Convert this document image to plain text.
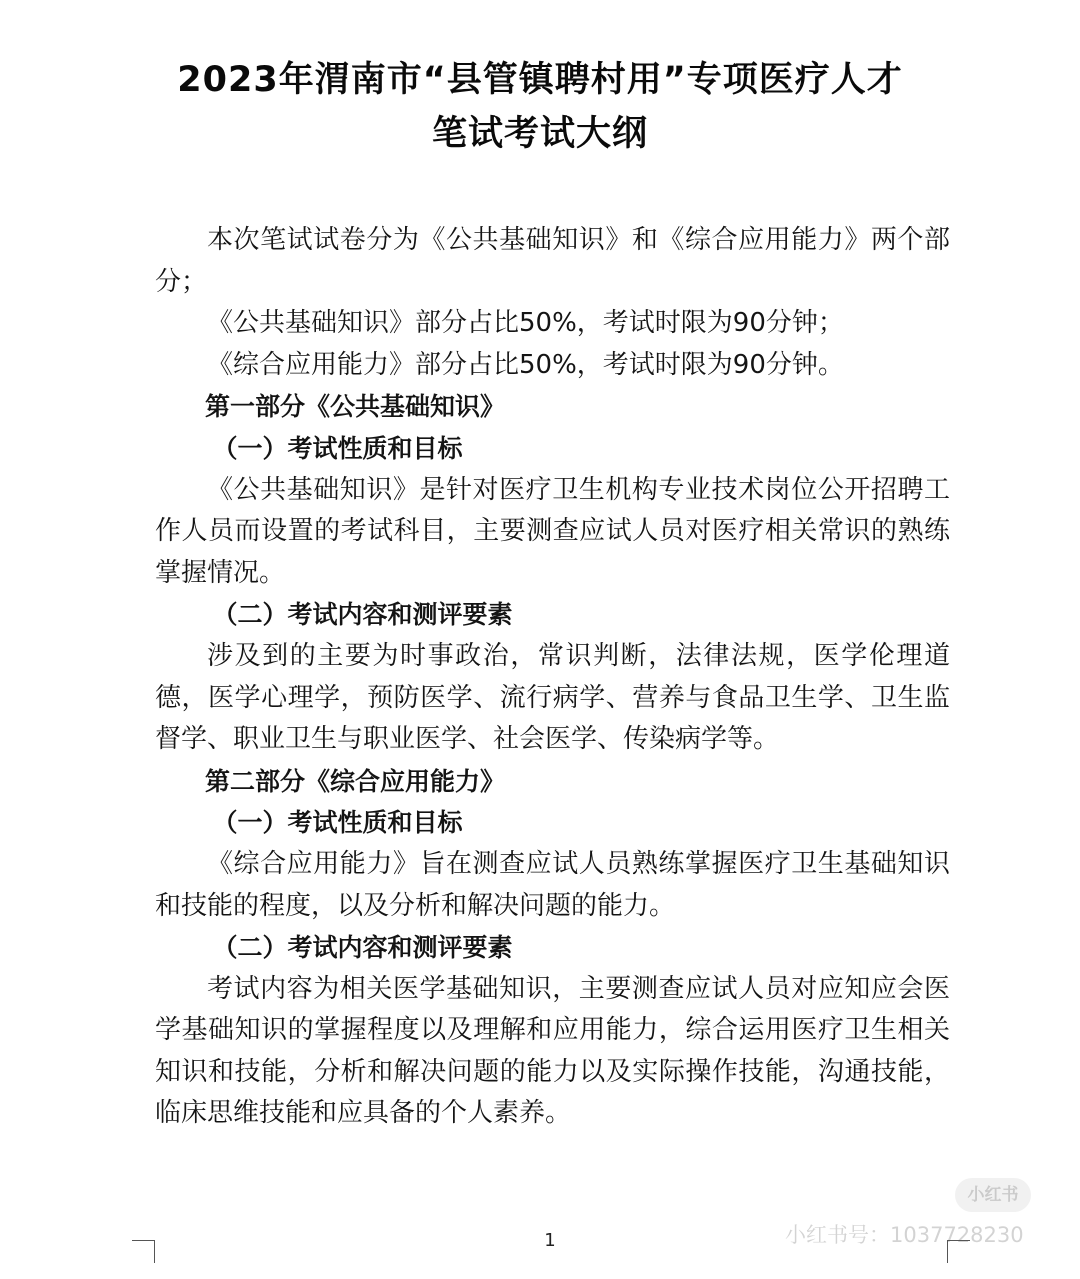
2023年渭南市“县管镇聘村用”专项医疗人才
笔试考试大纲

本次笔试试卷分为《公共基础知识》和《综合应用能力》两个部分；

《公共基础知识》部分占比50%，考试时限为90分钟；

《综合应用能力》部分占比50%，考试时限为90分钟。

第一部分《公共基础知识》

（一）考试性质和目标

《公共基础知识》是针对医疗卫生机构专业技术岗位公开招聘工作人员而设置的考试科目，主要测查应试人员对医疗相关常识的熟练掌握情况。

（二）考试内容和测评要素

涉及到的主要为时事政治，常识判断，法律法规，医学伦理道德，医学心理学，预防医学、流行病学、营养与食品卫生学、卫生监督学、职业卫生与职业医学、社会医学、传染病学等。

第二部分《综合应用能力》

（一）考试性质和目标

《综合应用能力》旨在测查应试人员熟练掌握医疗卫生基础知识和技能的程度，以及分析和解决问题的能力。

（二）考试内容和测评要素

考试内容为相关医学基础知识，主要测查应试人员对应知应会医学基础知识的掌握程度以及理解和应用能力，综合运用医疗卫生相关知识和技能，分析和解决问题的能力以及实际操作技能，沟通技能，临床思维技能和应具备的个人素养。

小红书
小红书号：1037728230
1
